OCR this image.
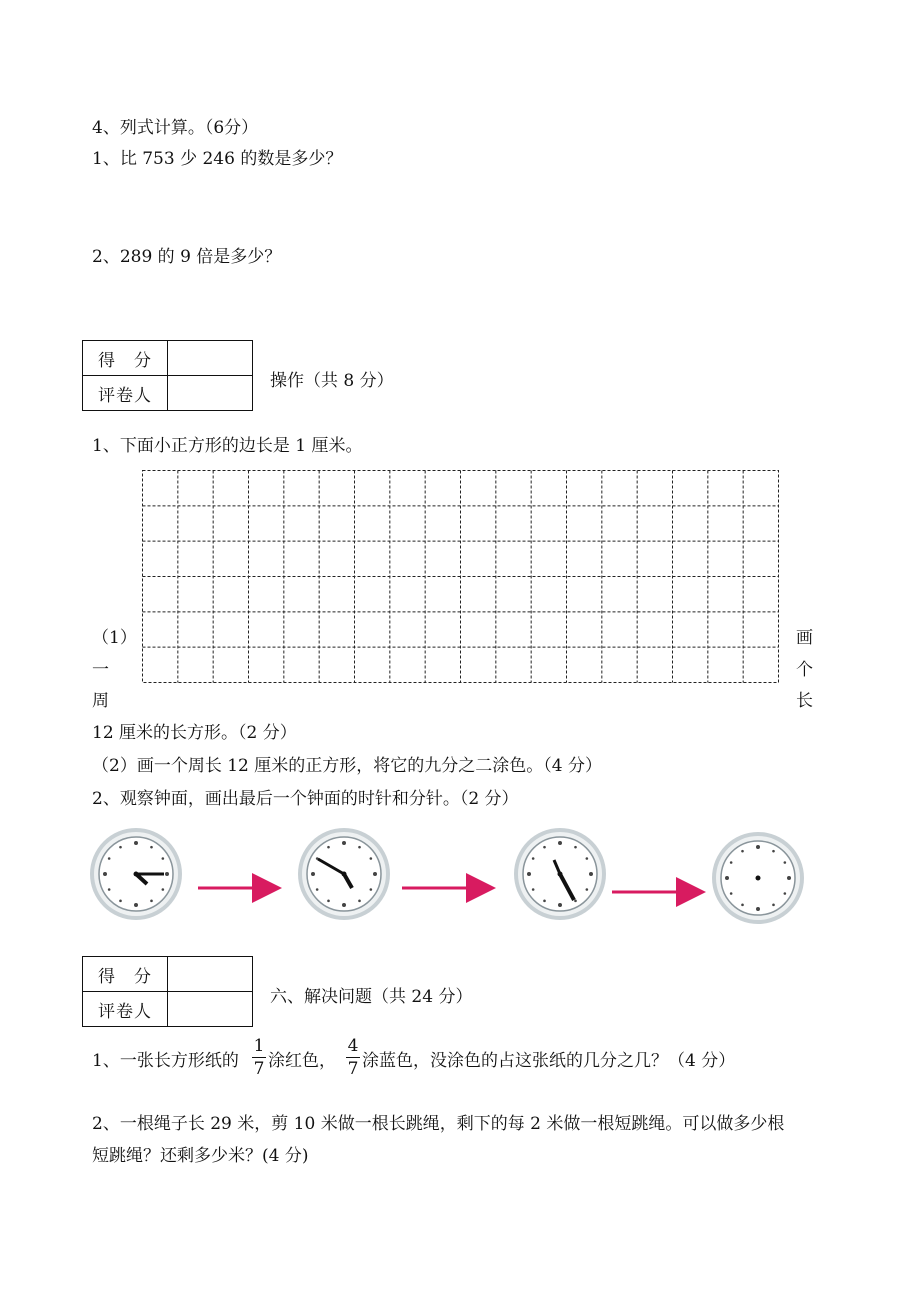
4、列式计算。（6分）
1、比 753 少 246 的数是多少？
2、289 的 9 倍是多少？
得　分	
评卷人	
操作（共 8 分）
1、下面小正方形的边长是 1 厘米。
（1）
一
周
画
个
长
12 厘米的长方形。（2 分）
（2）画一个周长 12 厘米的正方形，将它的九分之二涂色。（4 分）
2、观察钟面，画出最后一个钟面的时针和分针。（2 分）
得　分	
评卷人	
六、解决问题（共 24 分）
1、一张长方形纸的
1
7 涂红色，
4
7 涂蓝色，没涂色的占这张纸的几分之几？（4 分）
2、一根绳子长 29 米，剪 10 米做一根长跳绳，剩下的每 2 米做一根短跳绳。可以做多少根
短跳绳？还剩多少米？(4 分)
